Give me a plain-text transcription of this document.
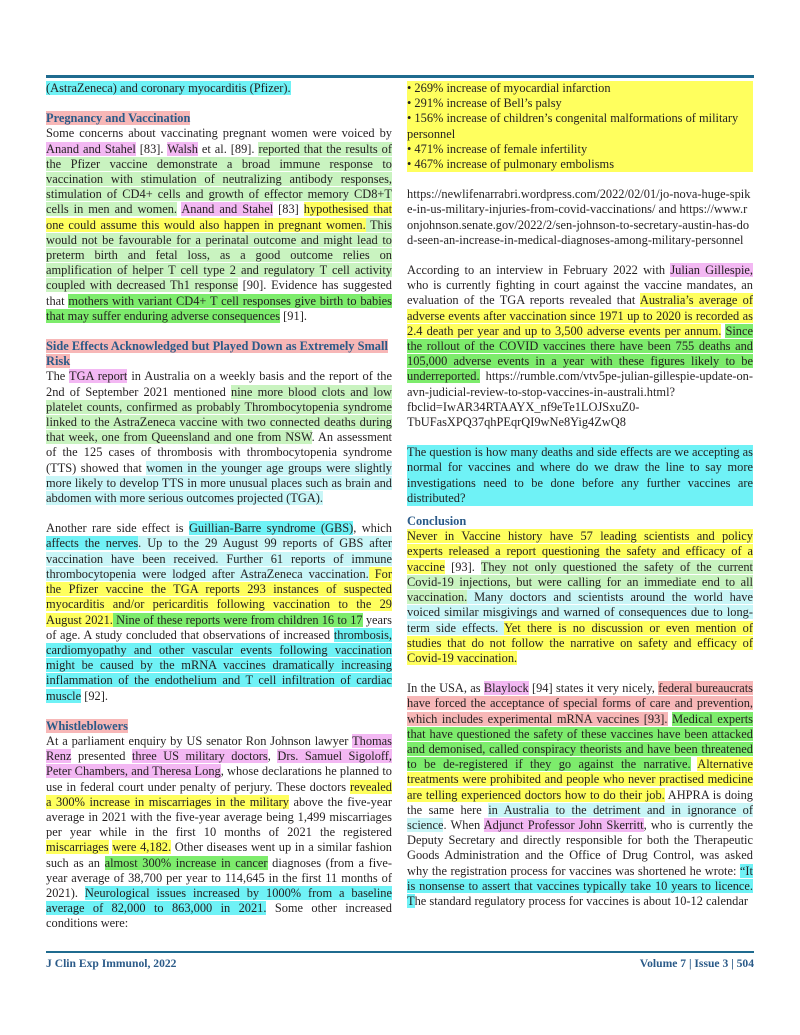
(AstraZeneca) and coronary myocarditis (Pfizer).

Pregnancy and Vaccination

Some concerns about vaccinating pregnant women were voiced by Anand and Stahel [83]. Walsh et al. [89]. reported that the results of the Pfizer vaccine demonstrate a broad immune response to vaccination with stimulation of neutralizing antibody responses, stimulation of CD4+ cells and growth of effector memory CD8+T cells in men and women. Anand and Stahel [83] hypothesised that one could assume this would also happen in pregnant women. This would not be favourable for a perinatal outcome and might lead to preterm birth and fetal loss, as a good outcome relies on amplification of helper T cell type 2 and regulatory T cell activity coupled with decreased Th1 response [90]. Evidence has suggested that mothers with variant CD4+ T cell responses give birth to babies that may suffer enduring adverse consequences [91].

Side Effects Acknowledged but Played Down as Extremely Small Risk

The TGA report in Australia on a weekly basis and the report of the 2nd of September 2021 mentioned nine more blood clots and low platelet counts, confirmed as probably Thrombocytopenia syndrome linked to the AstraZeneca vaccine with two connected deaths during that week, one from Queensland and one from NSW. An assessment of the 125 cases of thrombosis with thrombocytopenia syndrome (TTS) showed that women in the younger age groups were slightly more likely to develop TTS in more unusual places such as brain and abdomen with more serious outcomes projected (TGA).

Another rare side effect is Guillian-Barre syndrome (GBS), which affects the nerves. Up to the 29 August 99 reports of GBS after vaccination have been received. Further 61 reports of immune thrombocytopenia were lodged after AstraZeneca vaccination. For the Pfizer vaccine the TGA reports 293 instances of suspected myocarditis and/or pericarditis following vaccination to the 29 August 2021. Nine of these reports were from children 16 to 17 years of age. A study concluded that observations of increased thrombosis, cardiomyopathy and other vascular events following vaccination might be caused by the mRNA vaccines dramatically increasing inflammation of the endothelium and T cell infiltration of cardiac muscle [92].

Whistleblowers

At a parliament enquiry by US senator Ron Johnson lawyer Thomas Renz presented three US military doctors, Drs. Samuel Sigoloff, Peter Chambers, and Theresa Long, whose declarations he planned to use in federal court under penalty of perjury. These doctors revealed a 300% increase in miscarriages in the military above the five-year average in 2021 with the five-year average being 1,499 miscarriages per year while in the first 10 months of 2021 the registered miscarriages were 4,182. Other diseases went up in a similar fashion such as an almost 300% increase in cancer diagnoses (from a five-year average of 38,700 per year to 114,645 in the first 11 months of 2021). Neurological issues increased by 1000% from a baseline average of 82,000 to 863,000 in 2021. Some other increased conditions were:

• 269% increase of myocardial infarction

• 291% increase of Bell’s palsy

• 156% increase of children’s congenital malformations of military personnel

• 471% increase of female infertility

• 467% increase of pulmonary embolisms

https://newlifenarrabri.wordpress.com/2022/02/01/jo-nova-huge-spike-in-us-military-injuries-from-covid-vaccinations/ and https://www.ronjohnson.senate.gov/2022/2/sen-johnson-to-secretary-austin-has-dod-seen-an-increase-in-medical-diagnoses-among-military-personnel

According to an interview in February 2022 with Julian Gillespie, who is currently fighting in court against the vaccine mandates, an evaluation of the TGA reports revealed that Australia’s average of adverse events after vaccination since 1971 up to 2020 is recorded as 2.4 death per year and up to 3,500 adverse events per annum. Since the rollout of the COVID vaccines there have been 755 deaths and 105,000 adverse events in a year with these figures likely to be underreported. https://rumble.com/vtv5pe-julian-gillespie-update-on-avn-judicial-review-to-stop-vaccines-in-australi.html?fbclid=IwAR34RTAAYX_nf9eTe1LOJSxuZ0-TbUFasXPQ37qhPEqrQI9wNe8Yig4ZwQ8

The question is how many deaths and side effects are we accepting as normal for vaccines and where do we draw the line to say more investigations need to be done before any further vaccines are distributed?

Conclusion

Never in Vaccine history have 57 leading scientists and policy experts released a report questioning the safety and efficacy of a vaccine [93]. They not only questioned the safety of the current Covid-19 injections, but were calling for an immediate end to all vaccination. Many doctors and scientists around the world have voiced similar misgivings and warned of consequences due to long-term side effects. Yet there is no discussion or even mention of studies that do not follow the narrative on safety and efficacy of Covid-19 vaccination.

In the USA, as Blaylock [94] states it very nicely, federal bureaucrats have forced the acceptance of special forms of care and prevention, which includes experimental mRNA vaccines [93]. Medical experts that have questioned the safety of these vaccines have been attacked and demonised, called conspiracy theorists and have been threatened to be de-registered if they go against the narrative. Alternative treatments were prohibited and people who never practised medicine are telling experienced doctors how to do their job. AHPRA is doing the same here in Australia to the detriment and in ignorance of science. When Adjunct Professor John Skerritt, who is currently the Deputy Secretary and directly responsible for both the Therapeutic Goods Administration and the Office of Drug Control, was asked why the registration process for vaccines was shortened he wrote: “It is nonsense to assert that vaccines typically take 10 years to licence. The standard regulatory process for vaccines is about 10-12 calendar

J Clin Exp Immunol, 2022	Volume 7 | Issue 3 | 504
